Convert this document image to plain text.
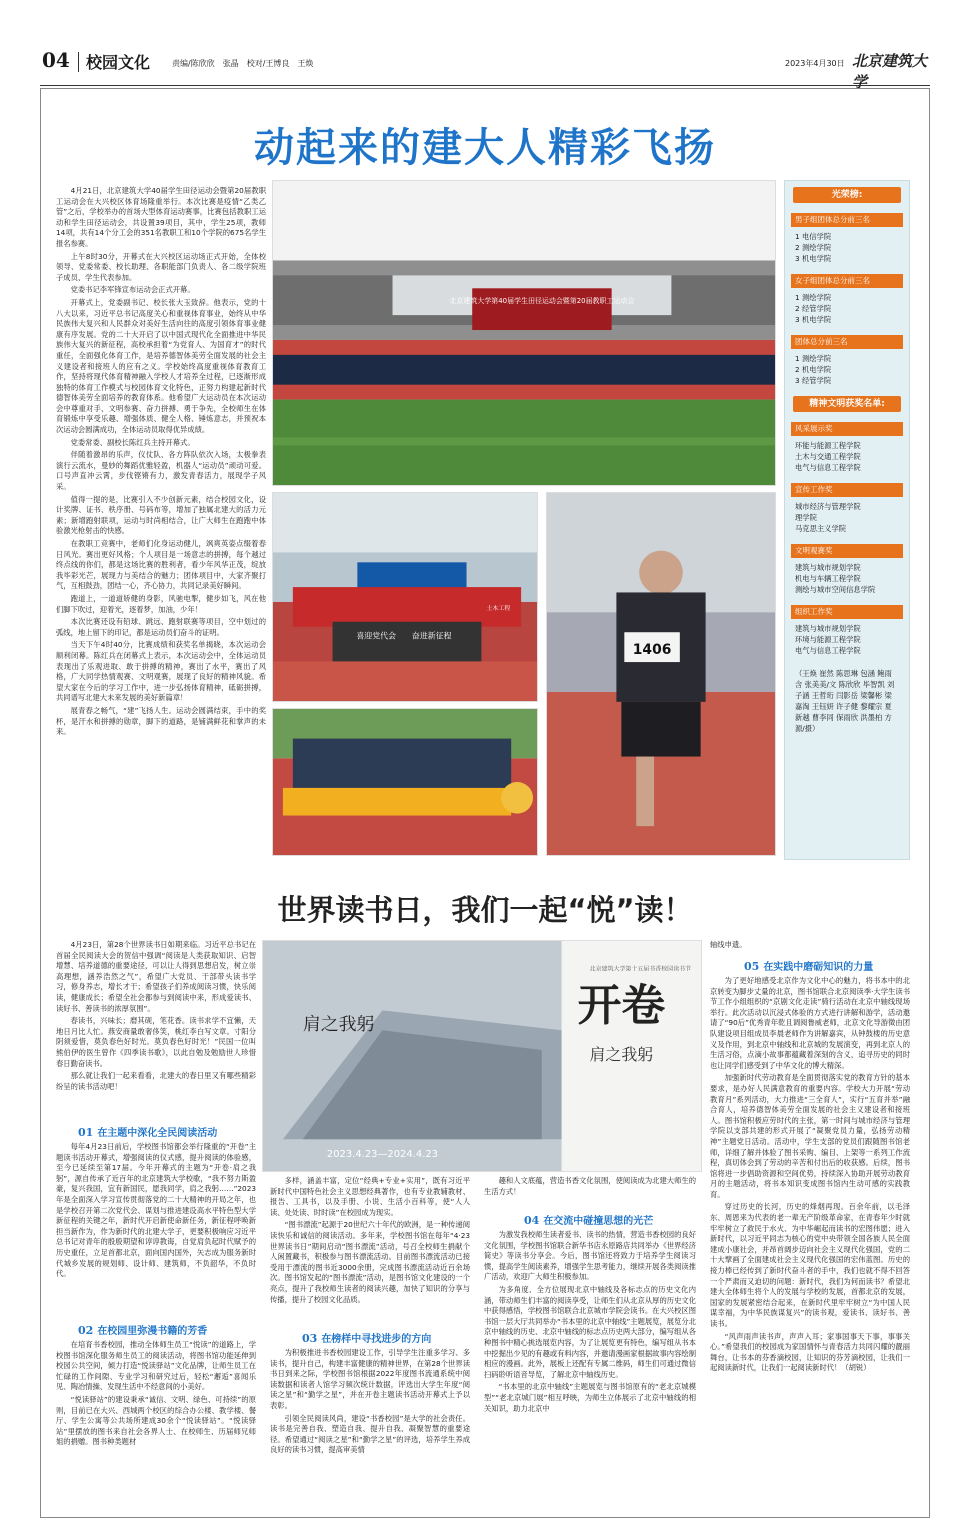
04 校园文化	责编/陈欣欣　张晶　校对/王博良　王焕	2023年4月30日 北京建筑大学
动起来的建大人精彩飞扬

4月21日，北京建筑大学40届学生田径运动会暨第20届教职工运动会在大兴校区体育场隆重举行。本次比赛是疫情“乙类乙管”之后，学校举办的首场大型体育运动赛事，比赛包括教职工运动和学生田径运动会，共设置39项目，其中，学生25项，教师14项，共有14个分工会的351名教职工和10个学院的675名学生报名参赛。

上午8时30分，开幕式在大兴校区运动场正式开始，全体校领导、党委常委、校长助理、各职能部门负责人、各二级学院班子成员、学生代表参加。

党委书记李军锋宣布运动会正式开幕。

开幕式上，党委副书记、校长张大玉致辞。他表示，党的十八大以来，习近平总书记高度关心和重视体育事业，始终从中华民族伟大复兴和人民群众对美好生活向往的高度引领体育事业健康有序发展。党的二十大开启了以中国式现代化全面推进中华民族伟大复兴的新征程，高校承担着“为党育人、为国育才”的时代重任，全面强化体育工作，是培养德智体美劳全面发展的社会主义建设者和接班人的应有之义。学校始终高度重视体育教育工作，坚持将现代体育精神融入学校人才培养全过程，已逐渐形成独特的体育工作模式与校园体育文化特色，正努力构建起新时代德智体美劳全面培养的教育体系。他希望广大运动员在本次运动会中尊重对手、文明参赛、奋力拼搏、勇于争先，全校师生在体育锻炼中享受乐趣、增强体质、健全人格、锤炼意志，并预祝本次运动会圆满成功，全体运动员取得优异成绩。

党委常委、副校长陈红兵主持开幕式。

伴随着激昂的乐声，仪仗队、各方阵队依次入场，太极拳表演行云流水，曼妙的舞蹈优雅轻盈，机器人“运动员”顽动可爱。口号声直冲云霄，步伐铿锵有力，激发青春活力，展现学子风采。

值得一提的是，比赛引入不少创新元素，结合校园文化，设计奖牌、证书、秩序册、号码布等，增加了独属北建大的活力元素；新增跑射联项，运动与时尚相结合，让广大师生在跑跑中体验激光枪射击的快感。

在教职工竞赛中，老师们化身运动健儿，飒爽英姿点缀着春日风光。赛出更好风格；个人项目是一场意志的拼搏，每个越过终点线的你们，都是这场比赛的胜利者，看少年风华正茂，绽放我毕彩光芒，展现力与美结合的魅力；团体项目中，大家齐聚打气，互相鼓劲，团结一心，齐心协力，共同记录美好瞬间。

跑道上，一道道矫健的身影，风驰电掣，健步如飞，风在他们脚下吹过，迎着光，逐着梦，加油，少年！

本次比赛还设有铅球、跳远、跑射联赛等项目，空中划过的弧线，地上留下的印记，都是运动员们奋斗的证明。

当天下午4时40分，比赛成绩和获奖名单揭晓，本次运动会顺利闭幕。陈红兵在闭幕式上表示，本次运动会中，全体运动员表现出了乐观进取、敢于拼搏的精神，赛出了水平，赛出了风格，广大同学热情观赛、文明观赛，展现了良好的精神风貌。希望大家在今后的学习工作中，进一步弘扬体育精神，砥砺拼搏，共同谱写北建大未来发展的美好新篇章！

展青春之畅气，“建”飞扬人生。运动会圆满结束，手中的奖杯，是汗水和拼搏的勋章，脚下的道路，是铺满鲜花和掌声的未来。

北京建筑大学第40届学生田径运动会暨第20届教职工运动会
喜迎党代会 奋进新征程
土木工程
1406
光荣榜:
男子组团体总分前三名
1 电信学院
2 测绘学院
3 机电学院
女子组团体总分前三名
1 测绘学院
2 经管学院
3 机电学院
团体总分前三名
1 测绘学院
2 机电学院
3 经管学院
精神文明获奖名单:
风采展示奖
环能与能源工程学院
土木与交通工程学院
电气与信息工程学院
宣传工作奖
城市经济与管理学院
理学院
马克思主义学院
文明观赛奖
建筑与城市规划学院
机电与车辆工程学院
测绘与城市空间信息学院
组织工作奖
建筑与城市规划学院
环境与能源工程学院
电气与信息工程学院
（王焕 崔然 陈思琳 包涵 鲍雨含 张美美/文 陈欣欣 毕智凯 刘子涵 王哲珩 闫影岳 梁馨彬 梁嘉淘 王钰妍 许子健 黎耀宗 夏新越 曹李同 保雨欣 洪墨柏 方源/摄）
世界读书日，我们一起“悦”读！

4月23日，第28个世界读书日如期来临。习近平总书记在首届全民阅读大会的贺信中强调“阅读是人类获取知识、启智增慧、培养道德的重要途径，可以让人得到思想启发，树立崇高理想，涵养浩然之气”，希望广大党员、干部带头读书学习，修身养志，增长才干；希望孩子们养成阅读习惯，快乐阅读，健康成长；希望全社会都参与到阅读中来，形成爱读书、读好书、善读书的浓厚氛围”。

春读书，兴味长；磨其砚，笔花香。读书求学不宜懒，天地日月比人忙。燕安商量敢奢侈笑，桃红李白写文章。寸阳分阴须爱惜，莫负春色好时光。莫负春色好时光！”民国一位叫熊伯伊的医生曾作《四季读书歌》，以此自勉及勉励世人珍惜春日勤奋读书。

那么就让我们一起来看看，北建大的春日里又有哪些精彩纷呈的读书活动吧！

开卷
肩之我躬
肩之我躬
2023.4.23—2024.4.23
北京建筑大学第十五届书香校园读书节
01 在主题中深化全民阅读活动

每年4月23日前后，学校图书馆都会举行隆重的“开卷”主题读书活动开幕式，增强阅读的仪式感，提升阅读的体验感，至今已延续至第17届。今年开幕式的主题为“开卷·肩之我躬”，源自传承了近百年的北京建筑大学校歌，“我不努力斯盈豪，复兴我国，宜有新国民，愿我同学，肩之我躬……”2023年是全面深入学习宣传贯彻落党的二十大精神的开局之年，也是学校召开第二次党代会、谋划与推进建设高水平特色型大学新征程的关键之年，新时代开启新使命新任务，新征程呼唤新担当新作为，作为新时代的北建大学子，更要积极响应习近平总书记对青年的殷殷期望和谆谆教诲，自觉肩负起时代赋予的历史重任，立足首都北京，面向国内国外，矢志成为服务新时代城乡发展的规划师、设计师、建筑师，不负韶华，不负时代。

02 在校园里弥漫书籍的芳香

在培育书香校园，推动全体师生员工“悦读”的道路上，学校图书馆深化服务师生员工的阅读活动，将图书馆功能延伸到校园公共空间，倾力打造“悦读驿站”文化品牌，让师生员工在忙碌的工作间隙、专业学习和研究过后，轻松“邂逅”喜闻乐见、陶冶情操、发现生活中不经意间的小美好。

“悦读驿站”的建设秉承“诚信、文明、绿色、可持续”的原则，目前已在大兴、西城两个校区的综合办公楼、教学楼、餐厅、学生公寓等公共场所建成30余个“悦读驿站”。“悦读驿站”里摆放的图书来自社会各界人士、在校师生、历届师兄师姐的捐赠。图书种类题材

多样，涵盖丰富，定位“经典+专业+实用”，既有习近平新时代中国特色社会主义思想经典著作，也有专业教辅教材、报告、工具书，以及手册、小说、生活小百科等，使“人人读、处处读、时时读”在校园成为现实。

“图书漂流”起源于20世纪六十年代的欧洲，是一种传递阅读快乐和诚信的阅读活动。多年来，学校图书馆在每年“4·23世界读书日”期间启动“图书漂流”活动，号召全校师生捐献个人闲置藏书，积极参与图书漂流活动。目前图书漂流活动已接受用于漂流的图书近3000余册，完成图书漂流活动近百余场次。图书馆发起的“图书漂流”活动，是图书馆文化建设的一个亮点，提升了我校师生读者的阅读兴趣，加快了知识的分享与传播，提升了校园文化品质。

03 在榜样中寻找进步的方向

为积极推进书香校园建设工作，引导学生注重多学习、多读书，提升自己，构建丰富健康的精神世界，在第28个世界读书日到来之际，学校图书馆根据2022年度图书流通系统中阅读数据和读者人馆学习频次统计数据，评选出大学生年度“阅读之星”和“勤学之星”，并在开卷主题读书活动开幕式上予以表彰。

引领全民阅读风尚，建设“书香校园”是大学的社会责任。读书是完善自我、塑造自我、提升自我、凝聚智慧的重要途径。希望通过“阅读之星”和“勤学之星”的评选，培养学生养成良好的读书习惯，提高审美情

趣和人文底蕴，营造书香文化氛围，使阅读成为北建大师生的生活方式！

04 在交流中碰撞思想的光芒

为激发我校师生读者爱书、读书的热情，营造书香校园的良好文化氛围，学校图书馆联合新华书店永原路店共同举办《世界经济简史》等读书分享会。今后，图书馆还将致力于培养学生阅读习惯，提高学生阅读素养，增强学生思考能力，继续开展各类阅读推广活动，欢迎广大师生积极参加。

为多角度、全方位展现北京中轴线及各标志点的历史文化内涵，带动师生们丰富的阅读享受，让师生们从北京从厚的历史文化中获得感悟，学校图书馆联合北京城市学院会读书。在大兴校区图书馆一层大厅共同举办“书本里的北京中轴线”主题展览，展览分北京中轴线的历史、北京中轴线的标志点历史两大部分，编写组从各种图书中精心挑选展览内容，为了让展览更有特色，编写组从书本中挖掘出少见的有趣或有料内容，并邀请漫画家根据故事内容绘制相应的漫画。此外，展板上还配有专属二维码，师生们可通过微信扫码聆听语音导览，了解北京中轴线历史。

“书本里的北京中轴线”主题展览与图书馆原有的“老北京城模型”“老北京城门展”相互呼映，为师生立体展示了北京中轴线的相关知识，助力北京中

轴线申遗。

05 在实践中磨砺知识的力量

为了更好地感受北京作为文化中心的魅力，将书本中的北京转变为脚步丈量的北京，图书馆联合北京阅读季·大学生读书节工作小组组织的“京剧文化走读”骑行活动在北京中轴线现场举行。此次活动以沉浸式体验的方式进行讲解和游学，活动邀请了“90后”优秀青年乾且调阅鲁威老师，北京文化导游徵由团队建设项目组成员李晨老师作为讲解嘉宾，从钟鼓楼的历史意义及作用，到北京中轴线和北京城的发展演变，再到北京人的生活习俗，点滴小故事都蕴藏着深刻的含义，追寻历史的同时也让同学们感受到了中华文化的博大精深。

加强新时代劳动教育是全面贯彻落实党的教育方针的基本要求，是办好人民满意教育的重要内容。学校大力开展“劳动教育月”系列活动，大力推进“三全育人”，实行“五育并举”融合育人，培养德智体美劳全面发展的社会主义建设者和接班人。图书馆积极应劳时代的主张，第一时间与城市经济与管理学院以支部共建的形式开展了“凝聚党员力量，弘扬劳动精神”主题党日活动。活动中，学生支部的党员们跟随图书馆老师，详细了解并体验了图书采购、编目、上架等一系列工作流程，真切体会到了劳动的辛苦和付出后的收获感。后续，图书馆将进一步倡助资源和空间优势，持续深入协助开展劳动教育月的主题活动，将书本知识变成图书馆内生动可感的实践教育。

穿过历史的长河，历史的烽烟再现。百余年前，以毛泽东、周恩来为代表的老一辈无产阶级革命家，在青春年少时就牢牢树立了救民于水火、为中华崛起而读书的宏图伟愿；进入新时代，以习近平同志为核心的党中央带领全国各族人民全面建成小康社会，并昂首阔步迈向社会主义现代化强国，党的二十大擘画了全面建成社会主义现代化强国的宏伟蓝图。历史的接力棒已经传到了新时代奋斗者的手中，我们也就不得不回答一个严肃而又迫切的问题：新时代，我们为何而读书？希望北建大全体师生将个人的发展与学校的发展，首都北京的发展，国家的发展紧密结合起来，在新时代里牢牢树立“为中国人民谋幸福，为中华民族谋复兴”的读书观，爱读书、读好书、善读书。

“风声雨声读书声，声声入耳；家事国事天下事，事事关心。”希望我们的校园成为家国情怀与青春活力共同闪耀的靓丽舞台，让书本的芬香滴校园，让知识的芬芳滴校园，让我们一起阅读新时代，让我们一起阅读新时代！（胡锐）
